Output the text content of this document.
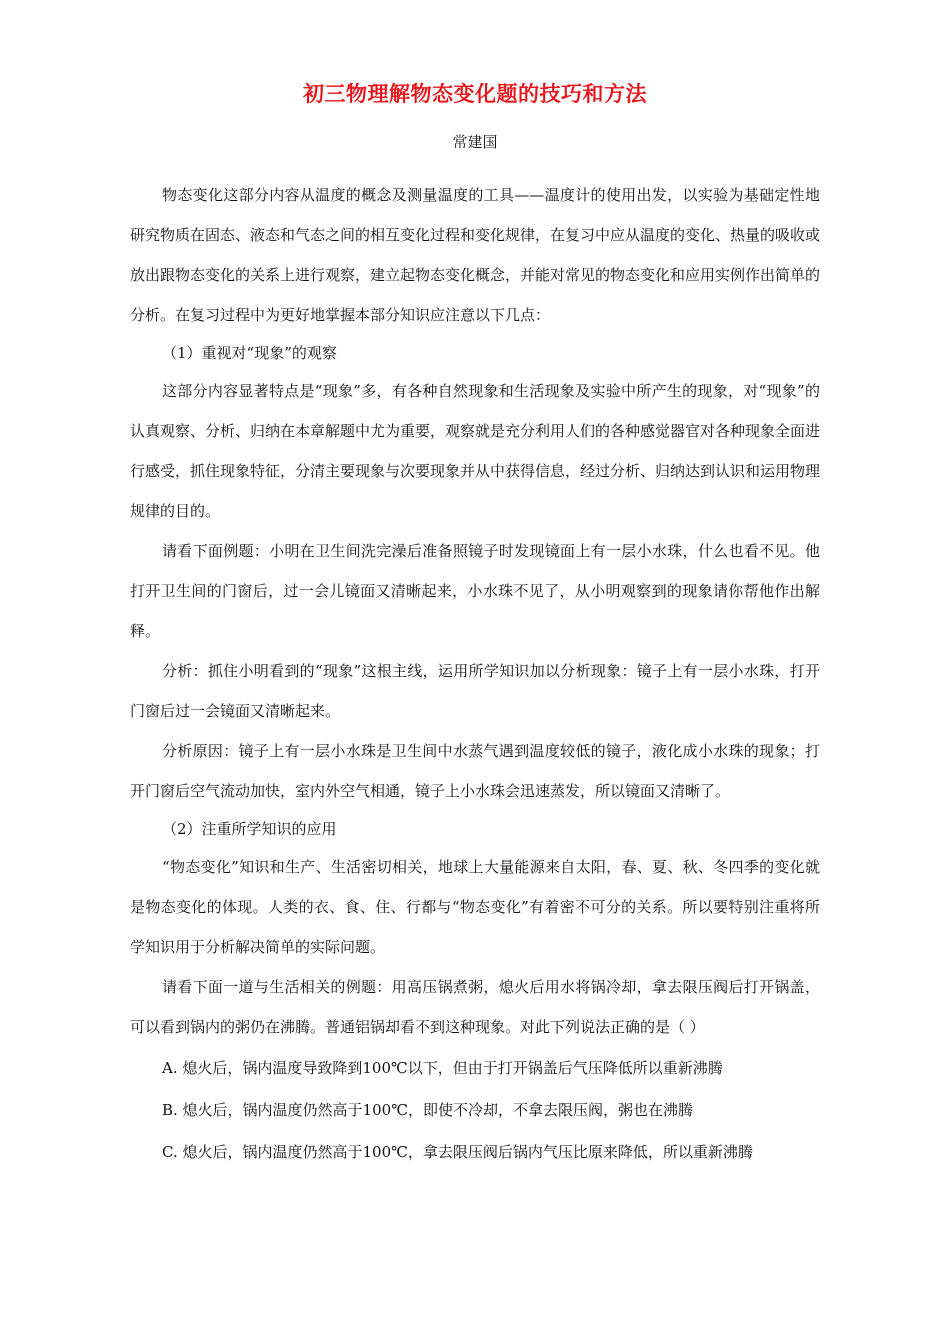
初三物理解物态变化题的技巧和方法
常建国

物态变化这部分内容从温度的概念及测量温度的工具——温度计的使用出发，以实验为基础定性地研究物质在固态、液态和气态之间的相互变化过程和变化规律，在复习中应从温度的变化、热量的吸收或放出跟物态变化的关系上进行观察，建立起物态变化概念，并能对常见的物态变化和应用实例作出简单的分析。在复习过程中为更好地掌握本部分知识应注意以下几点：

（1）重视对“现象”的观察

这部分内容显著特点是“现象”多，有各种自然现象和生活现象及实验中所产生的现象，对“现象”的认真观察、分析、归纳在本章解题中尤为重要，观察就是充分利用人们的各种感觉器官对各种现象全面进行感受，抓住现象特征，分清主要现象与次要现象并从中获得信息，经过分析、归纳达到认识和运用物理规律的目的。

请看下面例题：小明在卫生间洗完澡后准备照镜子时发现镜面上有一层小水珠，什么也看不见。他打开卫生间的门窗后，过一会儿镜面又清晰起来，小水珠不见了，从小明观察到的现象请你帮他作出解释。

分析：抓住小明看到的“现象”这根主线，运用所学知识加以分析现象：镜子上有一层小水珠，打开门窗后过一会镜面又清晰起来。

分析原因：镜子上有一层小水珠是卫生间中水蒸气遇到温度较低的镜子，液化成小水珠的现象；打开门窗后空气流动加快，室内外空气相通，镜子上小水珠会迅速蒸发，所以镜面又清晰了。

（2）注重所学知识的应用

“物态变化”知识和生产、生活密切相关，地球上大量能源来自太阳，春、夏、秋、冬四季的变化就是物态变化的体现。人类的衣、食、住、行都与“物态变化”有着密不可分的关系。所以要特别注重将所学知识用于分析解决简单的实际问题。

请看下面一道与生活相关的例题：用高压锅煮粥，熄火后用水将锅冷却，拿去限压阀后打开锅盖，可以看到锅内的粥仍在沸腾。普通铝锅却看不到这种现象。对此下列说法正确的是（ ）

A. 熄火后，锅内温度导致降到100℃以下，但由于打开锅盖后气压降低所以重新沸腾

B. 熄火后，锅内温度仍然高于100℃，即使不冷却，不拿去限压阀，粥也在沸腾

C. 熄火后，锅内温度仍然高于100℃，拿去限压阀后锅内气压比原来降低，所以重新沸腾
